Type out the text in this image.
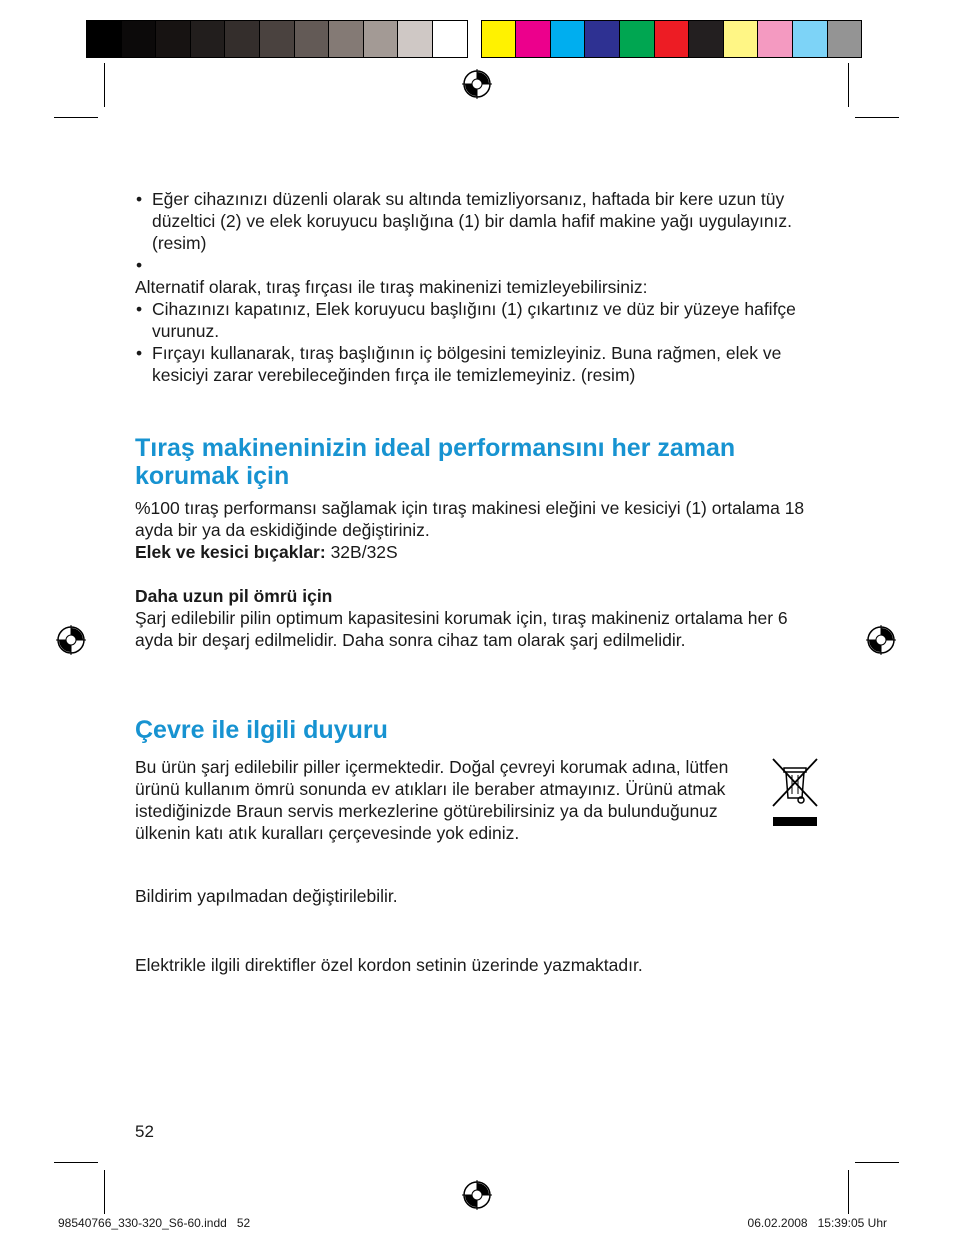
• Eğer cihazınızı düzenli olarak su altında temizliyorsanız, haftada bir kere uzun tüy düzeltici (2) ve elek koruyucu başlığına (1) bir damla hafif makine yağı uygulayınız. (resim)
•
Alternatif olarak, tıraş fırçası ile tıraş makinenizi temizleyebilirsiniz:
• Cihazınızı kapatınız, Elek koruyucu başlığını (1) çıkartınız ve düz bir yüzeye hafifçe vurunuz.
• Fırçayı kullanarak, tıraş başlığının iç bölgesini temizleyiniz. Buna rağmen, elek ve kesiciyi zarar verebileceğinden fırça ile temizlemeyiniz. (resim)
Tıraş makineninizin ideal performansını her zaman korumak için
%100 tıraş performansı sağlamak için tıraş makinesi eleğini ve kesiciyi (1) ortalama 18 ayda bir ya da eskidiğinde değiştiriniz.
Elek ve kesici bıçaklar: 32B/32S
Daha uzun pil ömrü için
Şarj edilebilir pilin optimum kapasitesini korumak için, tıraş makineniz ortalama her 6 ayda bir deşarj edilmelidir. Daha sonra cihaz tam olarak şarj edilmelidir.
Çevre ile ilgili duyuru
Bu ürün şarj edilebilir piller içermektedir. Doğal çevreyi korumak adına, lütfen ürünü kullanım ömrü sonunda ev atıkları ile beraber atmayınız. Ürünü atmak istediğinizde Braun servis merkezlerine götürebilirsiniz ya da bulunduğunuz ülkenin katı atık kuralları çerçevesinde yok ediniz.
Bildirim yapılmadan değiştirilebilir.
Elektrikle ilgili direktifler özel kordon setinin üzerinde yazmaktadır.
52
98540766_330-320_S6-60.indd   52	06.02.2008   15:39:05 Uhr
